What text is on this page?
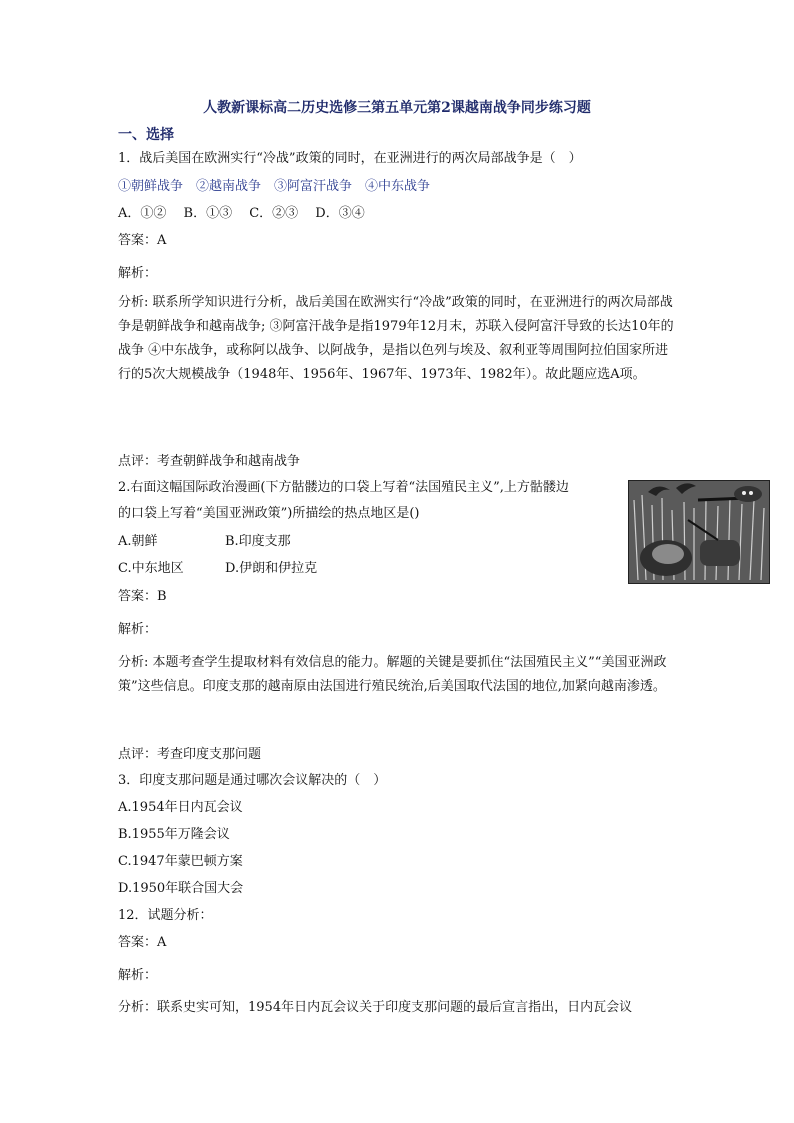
人教新课标高二历史选修三第五单元第2课越南战争同步练习题
一、选择
1．战后美国在欧洲实行“冷战”政策的同时，在亚洲进行的两次局部战争是（　）
①朝鲜战争　②越南战争　③阿富汗战争　④中东战争
A．①②　 B．①③　 C．②③　 D．③④
答案：A
解析：
分析: 联系所学知识进行分析，战后美国在欧洲实行“冷战”政策的同时，在亚洲进行的两次局部战争是朝鲜战争和越南战争; ③阿富汗战争是指1979年12月末，苏联入侵阿富汗导致的长达10年的战争 ④中东战争，或称阿以战争、以阿战争，是指以色列与埃及、叙利亚等周围阿拉伯国家所进行的5次大规模战争（1948年、1956年、1967年、1973年、1982年）。故此题应选A项。
点评：考查朝鲜战争和越南战争
2.右面这幅国际政治漫画(下方骷髅边的口袋上写着“法国殖民主义”,上方骷髅边
的口袋上写着“美国亚洲政策”)所描绘的热点地区是()
A.朝鲜	B.印度支那
C.中东地区	D.伊朗和伊拉克
答案：B
解析：
分析: 本题考查学生提取材料有效信息的能力。解题的关键是要抓住“法国殖民主义”“美国亚洲政策”这些信息。印度支那的越南原由法国进行殖民统治,后美国取代法国的地位,加紧向越南渗透。
点评：考查印度支那问题
3．印度支那问题是通过哪次会议解决的（　）
A.1954年日内瓦会议
B.1955年万隆会议
C.1947年蒙巴顿方案
D.1950年联合国大会
12．试题分析：
答案：A
解析：
分析：联系史实可知，1954年日内瓦会议关于印度支那问题的最后宣言指出，日内瓦会议
